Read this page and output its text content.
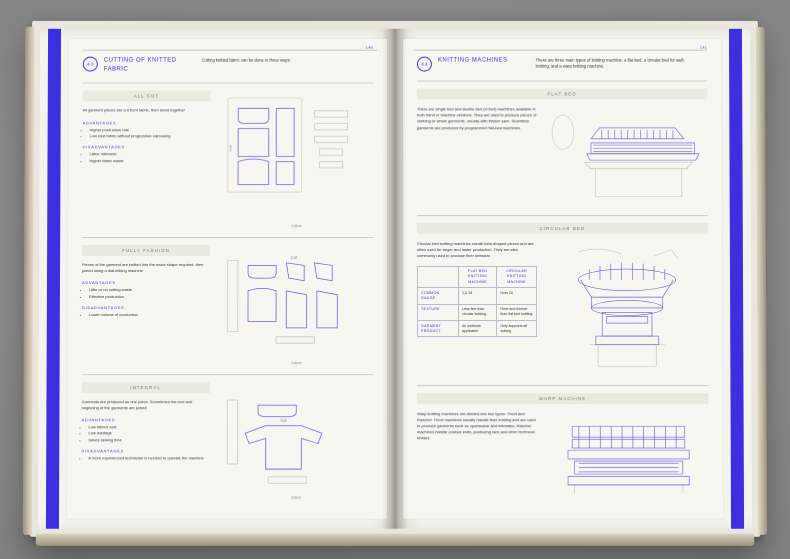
140
4.3
CUTTING OF KNITTED FABRIC
Cutting knitted fabric can be done in three ways:
ALL CUT

All garment pieces are cut from fabric, then sewn together

ADVANTAGES
• Higher production rate
• Low cost fabric without progressive narrowing
DISADVANTAGES
• Labor intensive
• Higher fabric waste
Knit
Colture
FULLY FASHION

Pieces of the garment are knitted into the exact shape required, then joined using a dial-linking machine

ADVANTAGES
• Little or no cutting waste
• Effective production
DISADVANTAGES
• Lower volume of production
Cut
Colture
INTEGRAL

Garments are produced as one piece. Sometimes the end and beginning of the garments are joined

ADVANTAGES
• Low labour cost
• Low wastage
• Saves sewing time
DISADVANTAGES
• A more experienced technician is needed to operate the machine
Cut
Colture
141
4.4
KNITTING MACHINES	There are three main types of knitting machine: a flat-bed, a circular bed for weft knitting, and a warp knitting machine.
FLAT BED

There are single bed and double bed (V-bed) machines available in both hand or machine versions. They are used to produce pieces of clothing or whole garments, usually with thicker yarn. Seamless garments are produced by programmed flat-bed machines.

CIRCULAR BED

Circular-bed knitting machines create tube-shaped pieces and are often used for larger and faster production. They are also commonly used to produce finer knitwear.

	FLAT BED KNITTING MACHINE	CIRCULAR KNITTING MACHINE
COMMON GAUGE	1,5-18	Over 20
TEXTURE	Less fine than circular knitting	Finer and thinner than flat bed knitting
GARMENT PRODUCT	All methods applicable	Only supports all cutting
WARP MACHINE

Warp knitting machines are divided into two types: Tricot and Raschel. Tricot machines usually handle finer knitting and are used to produce garments such as sportswear and intimates. Raschel machines handle coarser knits, producing lace and other technical textiles.
